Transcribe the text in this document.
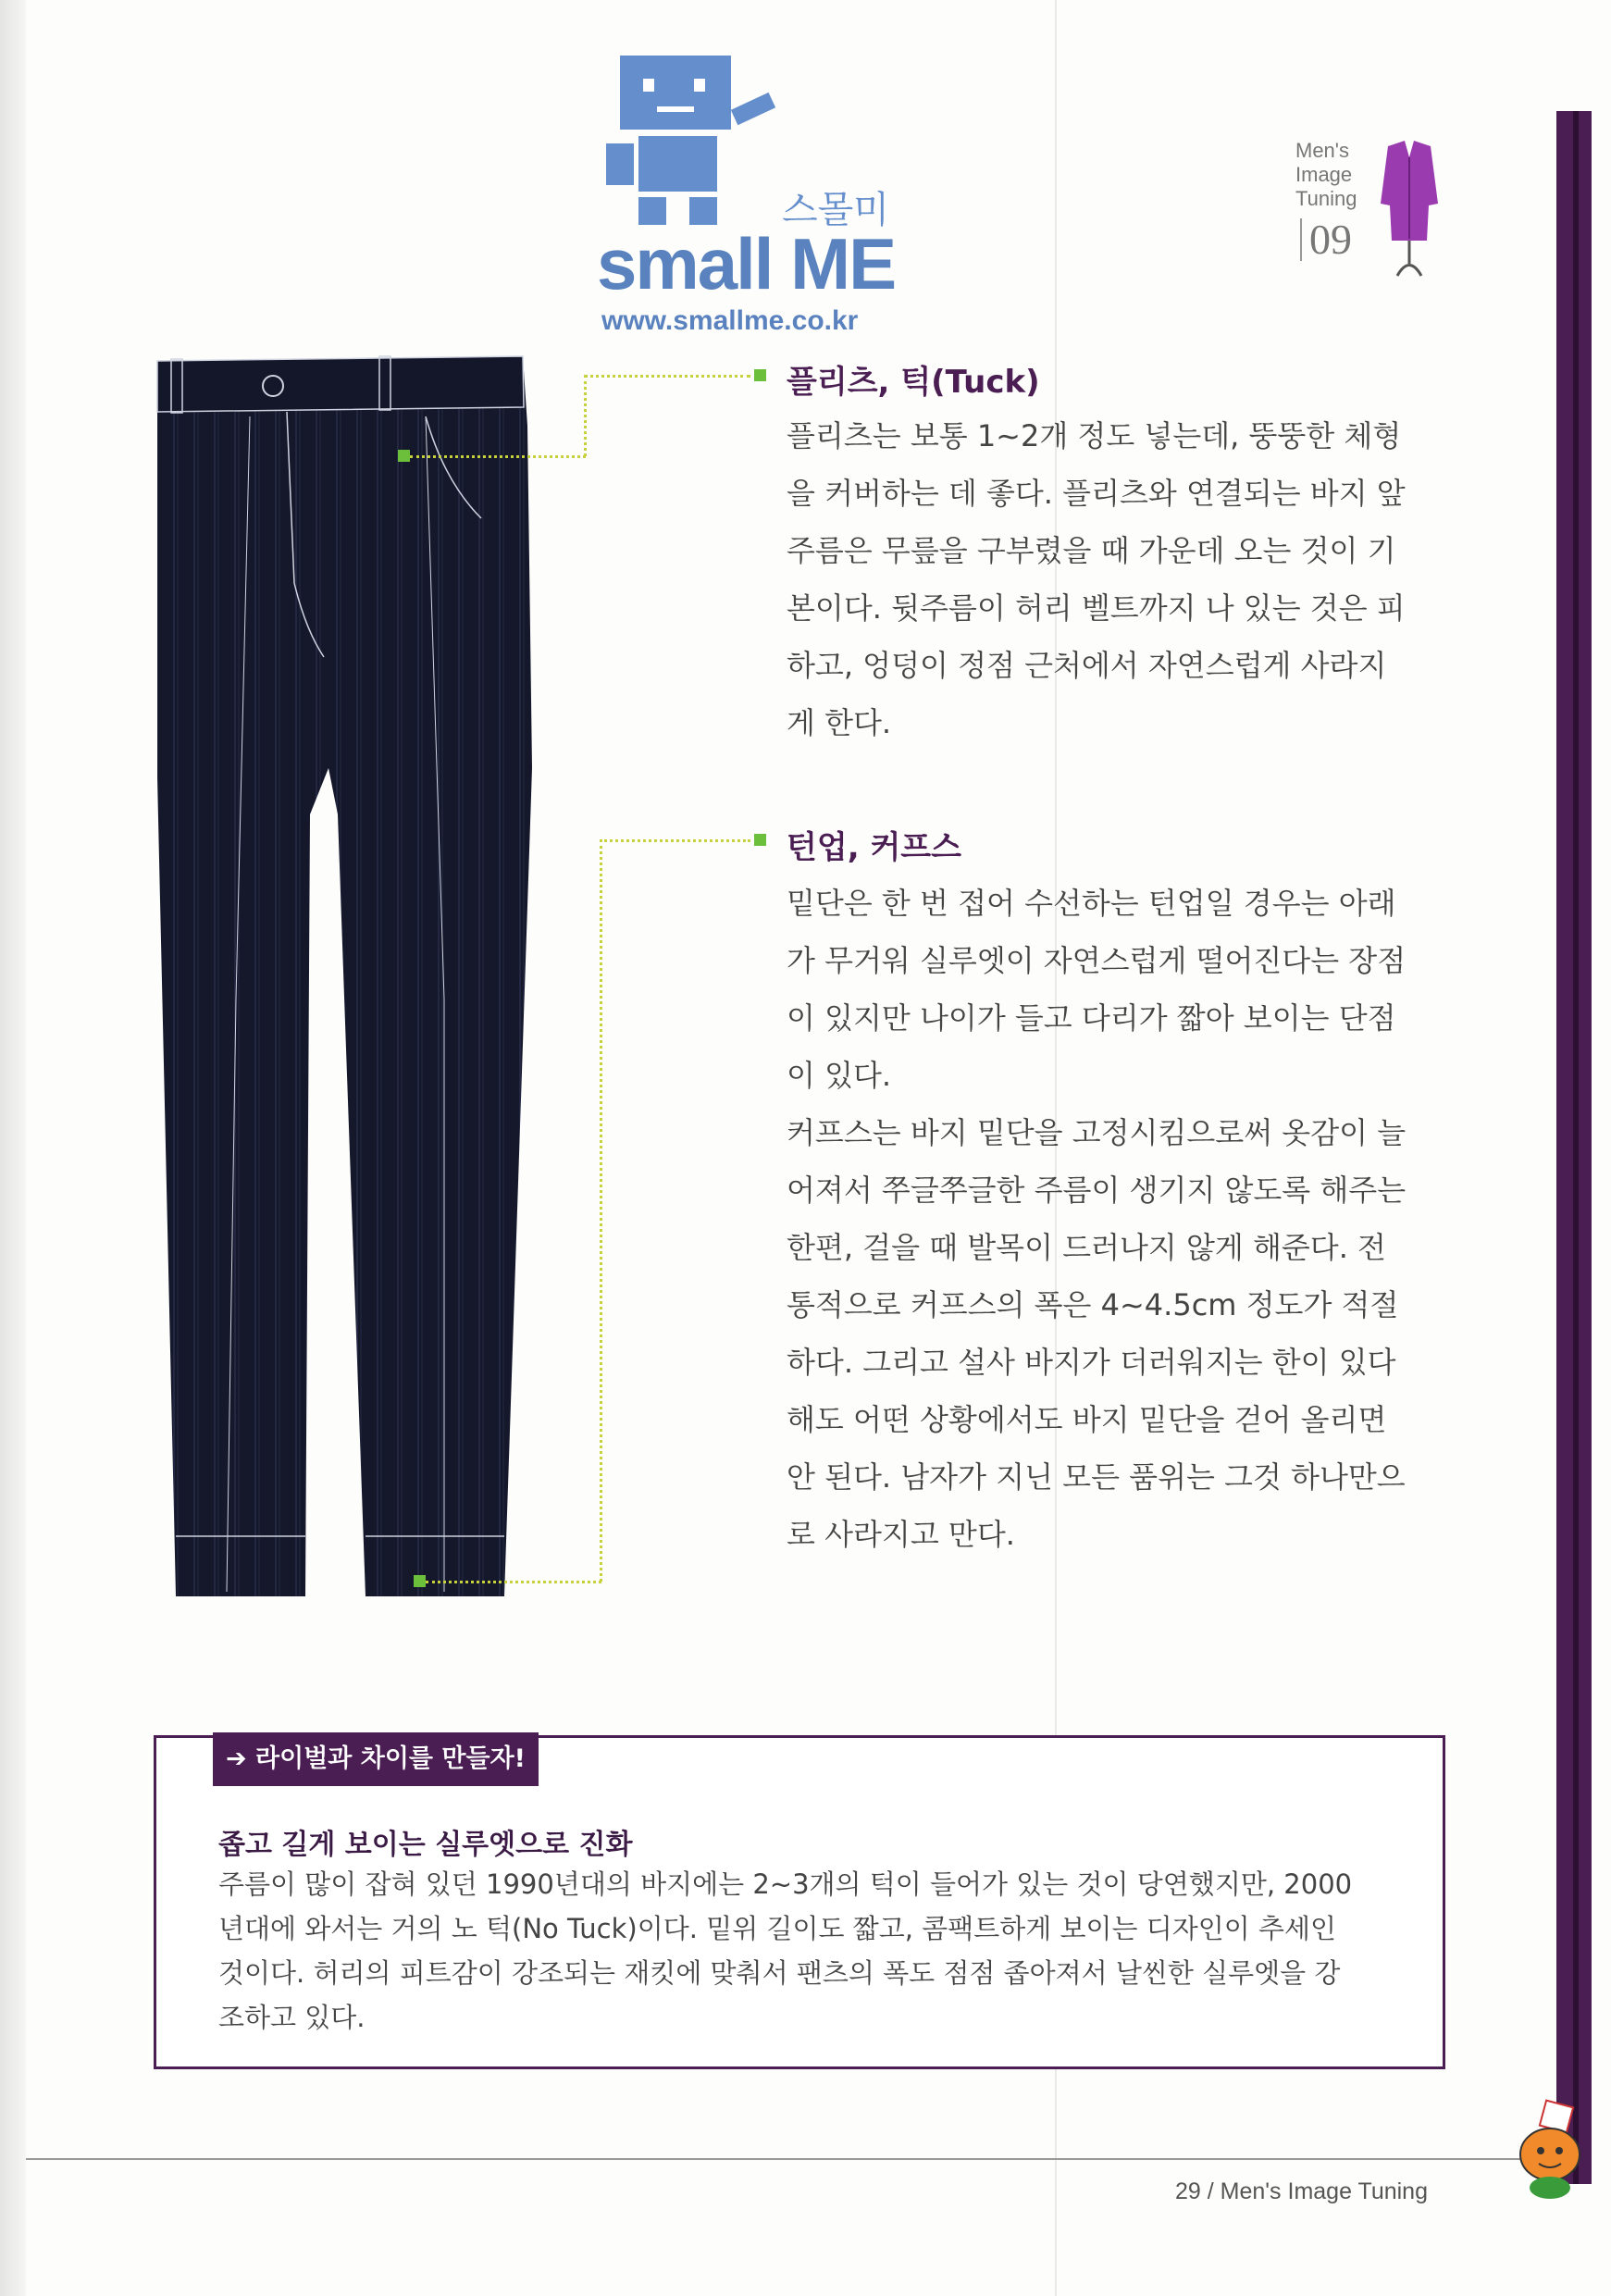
스몰미
small ME
www.smallme.co.kr
Men's
Image
Tuning
09
플리츠, 턱(Tuck)

플리츠는 보통 1~2개 정도 넣는데, 뚱뚱한 체형

을 커버하는 데 좋다. 플리츠와 연결되는 바지 앞

주름은 무릎을 구부렸을 때 가운데 오는 것이 기

본이다. 뒷주름이 허리 벨트까지 나 있는 것은 피

하고, 엉덩이 정점 근처에서 자연스럽게 사라지

게 한다.

턴업, 커프스

밑단은 한 번 접어 수선하는 턴업일 경우는 아래

가 무거워 실루엣이 자연스럽게 떨어진다는 장점

이 있지만 나이가 들고 다리가 짧아 보이는 단점

이 있다.

커프스는 바지 밑단을 고정시킴으로써 옷감이 늘

어져서 쭈글쭈글한 주름이 생기지 않도록 해주는

한편, 걸을 때 발목이 드러나지 않게 해준다. 전

통적으로 커프스의 폭은 4~4.5cm 정도가 적절

하다. 그리고 설사 바지가 더러워지는 한이 있다

해도 어떤 상황에서도 바지 밑단을 걷어 올리면

안 된다. 남자가 지닌 모든 품위는 그것 하나만으

로 사라지고 만다.

➔ 라이벌과 차이를 만들자!
좁고 길게 보이는 실루엣으로 진화
주름이 많이 잡혀 있던 1990년대의 바지에는 2~3개의 턱이 들어가 있는 것이 당연했지만, 2000
년대에 와서는 거의 노 턱(No Tuck)이다. 밑위 길이도 짧고, 콤팩트하게 보이는 디자인이 추세인
것이다. 허리의 피트감이 강조되는 재킷에 맞춰서 팬츠의 폭도 점점 좁아져서 날씬한 실루엣을 강
조하고 있다.
29 / Men's Image Tuning
